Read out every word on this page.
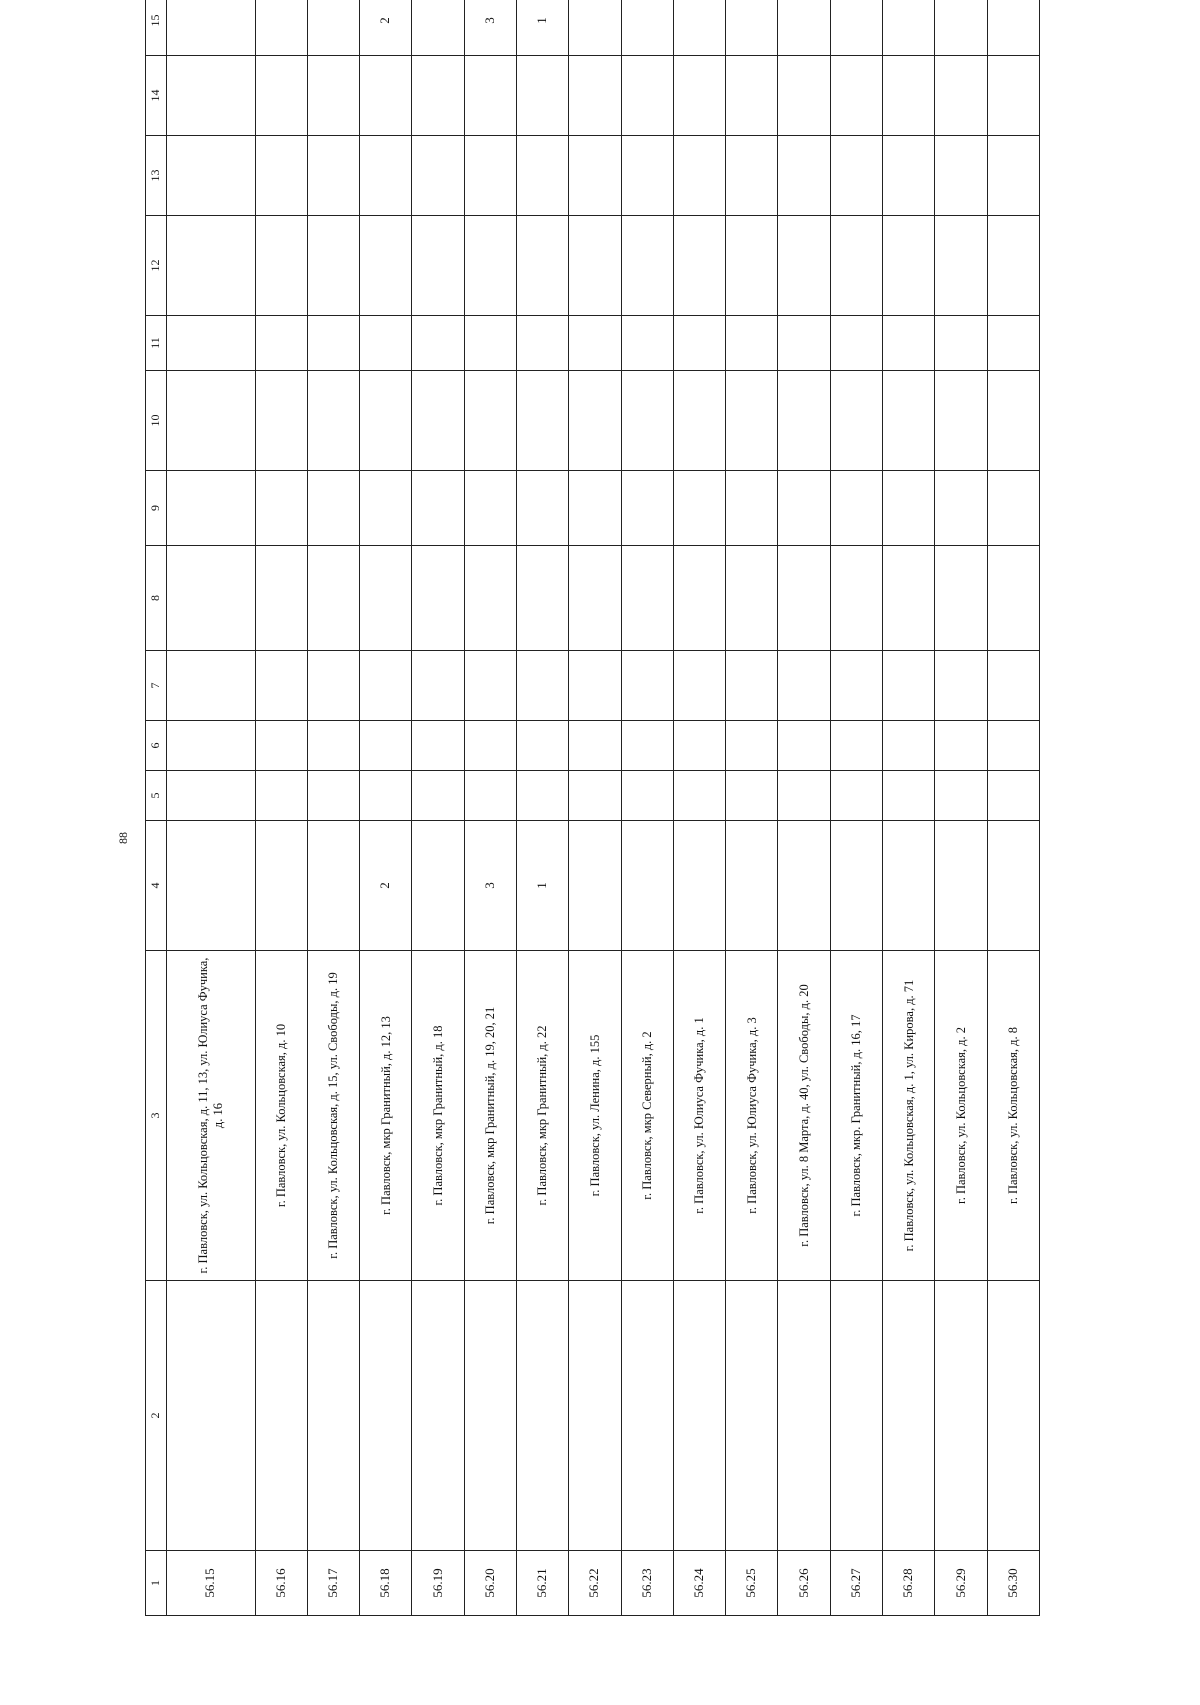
88
1	2	3	4	5	6	7	8	9	10	11	12	13	14	15					
56.15		г. Павловск, ул. Кольцовская, д. 11, 13, ул. Юлиуса Фучика, д. 16																	
56.16		г. Павловск, ул. Кольцовская, д. 10																	
56.17		г. Павловск, ул. Кольцовская, д. 15, ул. Свободы, д. 19																	
56.18		г. Павловск, мкр Гранитный, д. 12, 13	2											2					
56.19		г. Павловск, мкр Гранитный, д. 18																	
56.20		г. Павловск, мкр Гранитный, д. 19, 20, 21	3											3					
56.21		г. Павловск, мкр Гранитный, д. 22	1											1					
56.22		г. Павловск, ул. Ленина, д. 155																	
56.23		г. Павловск, мкр Северный, д. 2																	
56.24		г. Павловск, ул. Юлиуса Фучика, д. 1																	
56.25		г. Павловск, ул. Юлиуса Фучика, д. 3																	
56.26		г. Павловск, ул. 8 Марта, д. 40, ул. Свободы, д. 20																	
56.27		г. Павловск, мкр. Гранитный, д. 16, 17																	
56.28		г. Павловск, ул. Кольцовская, д. 1, ул. Кирова, д. 71																	
56.29		г. Павловск, ул. Кольцовская, д. 2																	
56.30		г. Павловск, ул. Кольцовская, д. 8																	
